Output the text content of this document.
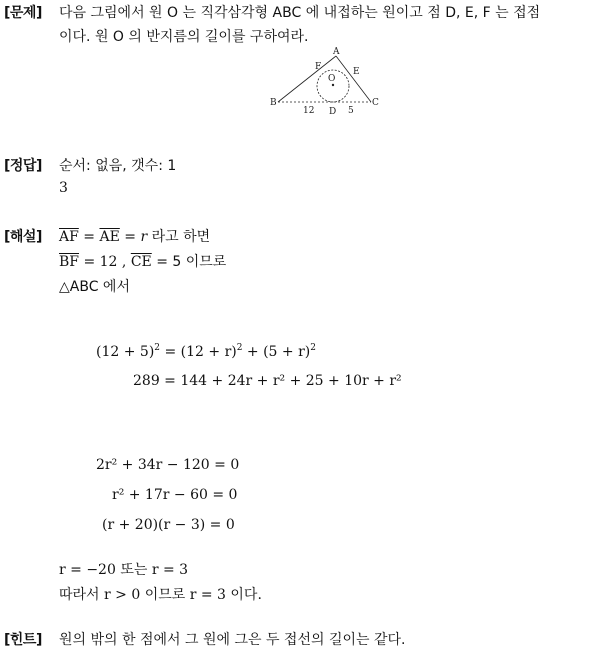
[문제] 다음 그림에서 원 O 는 직각삼각형 ABC 에 내접하는 원이고 점 D, E, F 는 접점
이다. 원 O 의 반지름의 길이를 구하여라.
A
B	C
D
E
F
O
12	5
[정답] 순서: 없음, 갯수: 1
3
[해설] $\overline{AF} = \overline{AE} = r$ 라고 하면
$\overline{BF} = 12$ , $\overline{CE} = 5$ 이므로
△ABC 에서
$(12 + 5)^2 = (12 + r)^2 + (5 + r)^2$
289 = 144 + 24r + r² + 25 + 10r + r²
2r² + 34r − 120 = 0
r² + 17r − 60 = 0
(r + 20)(r − 3) = 0
r = −20 또는 r = 3
따라서 r > 0 이므로 r = 3 이다.
[힌트] 원의 밖의 한 점에서 그 원에 그은 두 접선의 길이는 같다.
